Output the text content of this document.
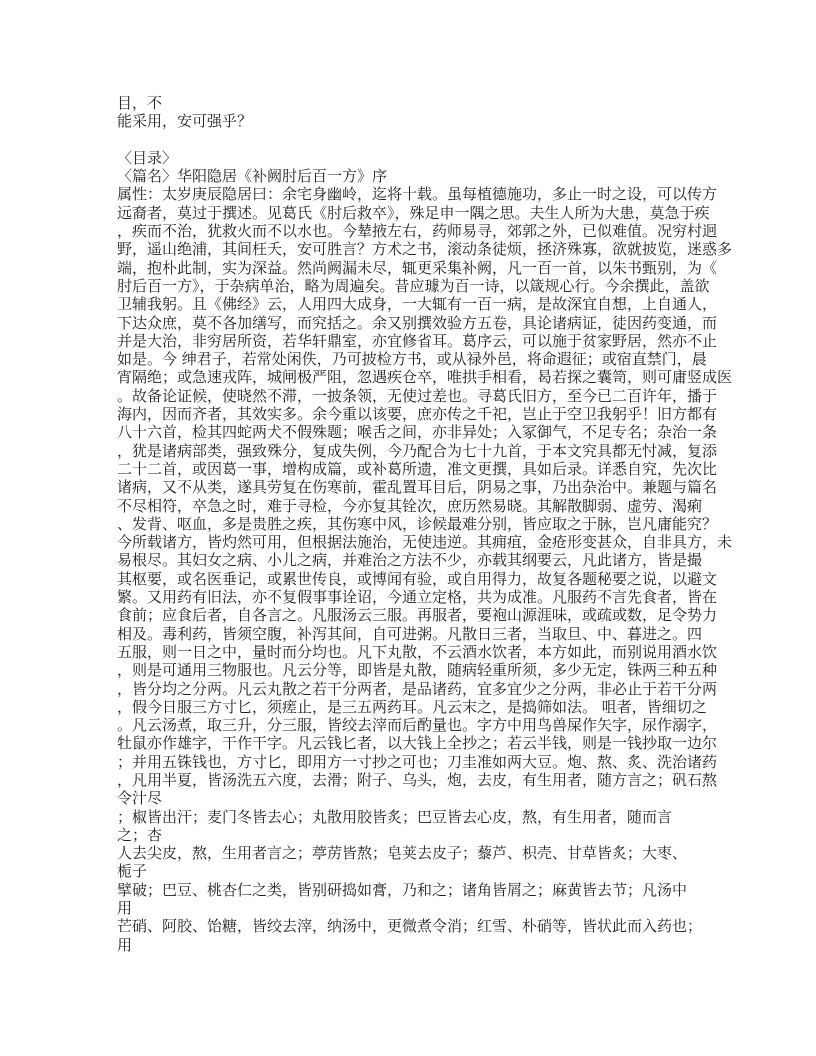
目，不
能采用，安可强乎？
〈目录〉
〈篇名〉华阳隐居《补阙肘后百一方》序
属性：太岁庚辰隐居曰：余宅身幽岭，迄将十载。虽每植德施功，多止一时之设，可以传方
远裔者，莫过于撰述。见葛氏《肘后救卒》，殊足申一隅之思。夫生人所为大患，莫急于疾
，疾而不治，犹救火而不以水也。今辇掖左右，药师易寻，郊郭之外，已似难值。况穷村迥
野，遥山绝浦，其间枉夭，安可胜言？方术之书，滚动条徒烦，拯济殊寡，欲就披览，迷惑多
端，抱朴此制，实为深益。然尚阙漏未尽，辄更采集补阙，凡一百一首，以朱书甄别，为《
肘后百一方》，于杂病单治，略为周遍矣。昔应璩为百一诗，以箴规心行。今余撰此，盖欲
卫辅我躬。且《佛经》云，人用四大成身，一大辄有一百一病，是故深宜自想，上自通人，
下达众庶，莫不各加缮写，而究括之。余又别撰效验方五卷，具论诸病证，徒因药变通，而
并是大治，非穷居所资，若华轩鼎室，亦宜修省耳。葛序云，可以施于贫家野居，然亦不止
如是。今 绅君子，若常处闲佚，乃可披检方书，或从禄外邑，将命遐征；或宿直禁门，晨
宵隔绝；或急速戎阵，城闸极严阻，忽遇疾仓卒，唯拱手相看，曷若探之囊笥，则可庸竖成医
。故备论证候，使晓然不滞，一披条领，无使过差也。寻葛氏旧方，至今已二百许年，播于
海内，因而齐者，其效实多。余今重以该要，庶亦传之千祀，岂止于空卫我躬乎！旧方都有
八十六首，检其四蛇两犬不假殊题；喉舌之间，亦非异处；入冢御气，不足专名；杂治一条
，犹是诸病部类，强致殊分，复成失例，今乃配合为七十九首，于本文究具都无忖减，复添
二十二首，或因葛一事，增构成篇，或补葛所遗，准文更撰，具如后录。详悉自究，先次比
诸病，又不从类，遂具劳复在伤寒前，霍乱置耳目后，阴易之事，乃出杂治中。兼题与篇名
不尽相符，卒急之时，难于寻检，今亦复其铨次，庶历然易晓。其解散脚弱、虚劳、渴痢
、发背、呕血，多是贵胜之疾，其伤寒中风，诊候最难分别，皆应取之于脉，岂凡庸能究？
今所载诸方，皆灼然可用，但根据法施治，无使违逆。其痈疽，金疮形变甚众，自非具方，未
易根尽。其妇女之病、小儿之病，并难治之方法不少，亦载其纲要云，凡此诸方，皆是撮
其枢要，或名医垂记，或累世传良，或博闻有验，或自用得力，故复各题秘要之说，以避文
繁。又用药有旧法，亦不复假事事诠诏，今通立定格，共为成准。凡服药不言先食者，皆在
食前；应食后者，自各言之。凡服汤云三服。再服者，要袍山源涯味，或疏或数，足令势力
相及。毒利药，皆须空腹，补泻其间，自可进粥。凡散日三者，当取旦、中、暮进之。四
五服，则一日之中，量时而分均也。凡下丸散，不云酒水饮者，本方如此，而别说用酒水饮
，则是可通用三物服也。凡云分等，即皆是丸散，随病轻重所须，多少无定，铢两三种五种
，皆分均之分两。凡云丸散之若干分两者，是品诸药，宜多宜少之分两，非必止于若干分两
，假今日服三方寸匕，须瘥止，是三五两药耳。凡云末之，是捣筛如法。 咀者，皆细切之
。凡云汤煮，取三升，分三服，皆绞去滓而后酌量也。字方中用鸟兽屎作矢字，尿作溺字，
牡鼠亦作雄字，干作干字。凡云钱匕者，以大钱上全抄之；若云半钱，则是一钱抄取一边尔
；并用五铢钱也，方寸匕，即用方一寸抄之可也；刀圭准如两大豆。炮、熬、炙、洗治诸药
，凡用半夏，皆汤洗五六度，去滑；附子、乌头，炮，去皮，有生用者，随方言之；矾石熬
令汁尽
；椒皆出汗；麦门冬皆去心；丸散用胶皆炙；巴豆皆去心皮，熬，有生用者，随而言
之；杏
人去尖皮，熬，生用者言之；葶苈皆熬；皂荚去皮子；藜芦、枳壳、甘草皆炙；大枣、
栀子
擘破；巴豆、桃杏仁之类，皆别研捣如膏，乃和之；诸角皆屑之；麻黄皆去节；凡汤中
用
芒硝、阿胶、饴糖，皆绞去滓，纳汤中，更微煮令消；红雪、朴硝等，皆状此而入药也；
用
